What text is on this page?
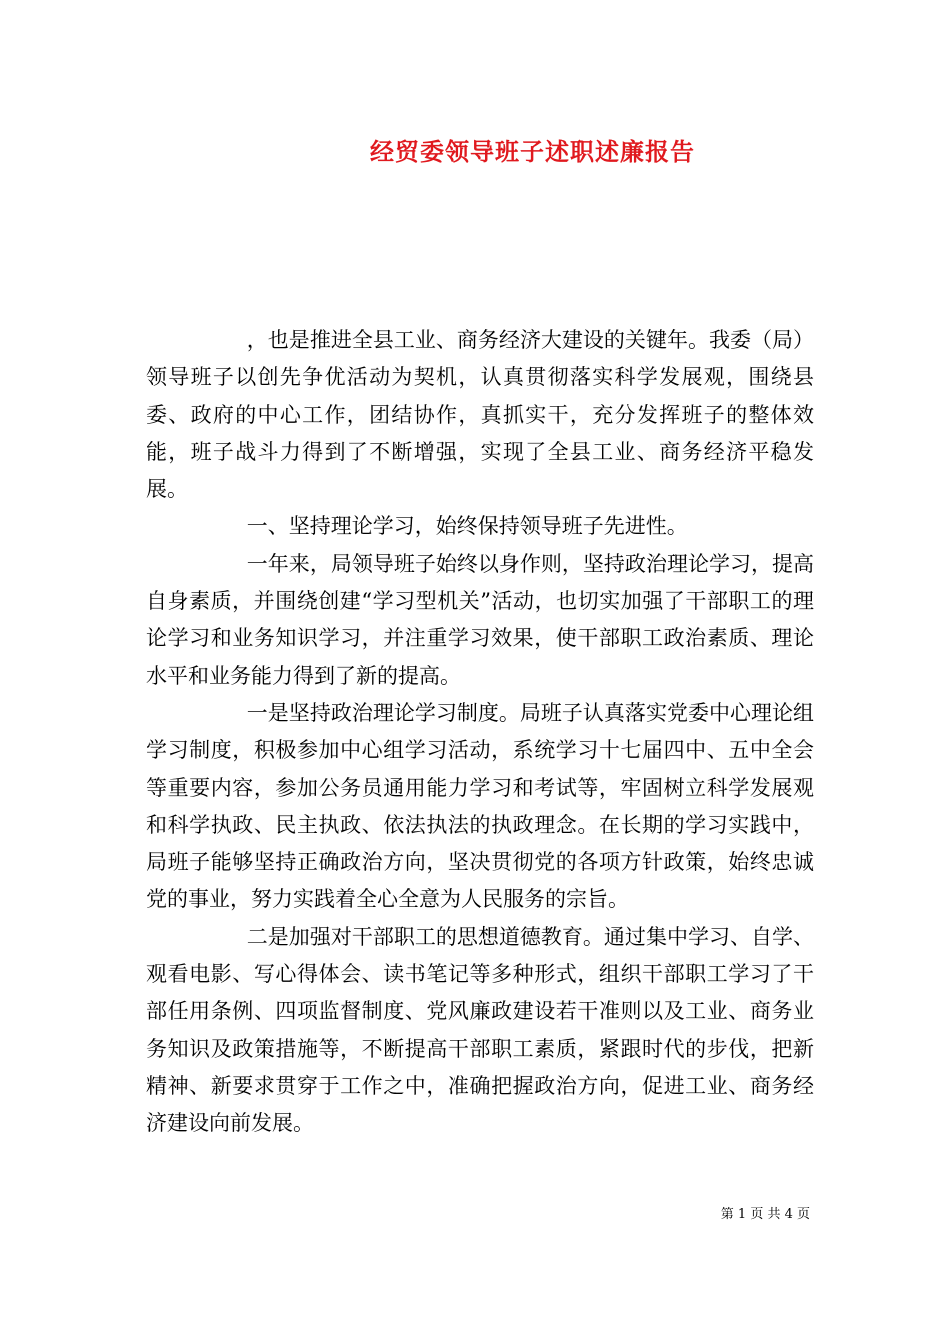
经贸委领导班子述职述廉报告

，也是推进全县工业、商务经济大建设的关键年。我委（局）领导班子以创先争优活动为契机，认真贯彻落实科学发展观，围绕县委、政府的中心工作，团结协作，真抓实干，充分发挥班子的整体效能，班子战斗力得到了不断增强，实现了全县工业、商务经济平稳发展。

一、坚持理论学习，始终保持领导班子先进性。

一年来，局领导班子始终以身作则，坚持政治理论学习，提高自身素质，并围绕创建“学习型机关”活动，也切实加强了干部职工的理论学习和业务知识学习，并注重学习效果，使干部职工政治素质、理论水平和业务能力得到了新的提高。

一是坚持政治理论学习制度。局班子认真落实党委中心理论组学习制度，积极参加中心组学习活动，系统学习十七届四中、五中全会等重要内容，参加公务员通用能力学习和考试等，牢固树立科学发展观和科学执政、民主执政、依法执法的执政理念。在长期的学习实践中，局班子能够坚持正确政治方向，坚决贯彻党的各项方针政策，始终忠诚党的事业，努力实践着全心全意为人民服务的宗旨。

二是加强对干部职工的思想道德教育。通过集中学习、自学、观看电影、写心得体会、读书笔记等多种形式，组织干部职工学习了干部任用条例、四项监督制度、党风廉政建设若干准则以及工业、商务业务知识及政策措施等，不断提高干部职工素质，紧跟时代的步伐，把新精神、新要求贯穿于工作之中，准确把握政治方向，促进工业、商务经济建设向前发展。

第 1 页 共 4 页
